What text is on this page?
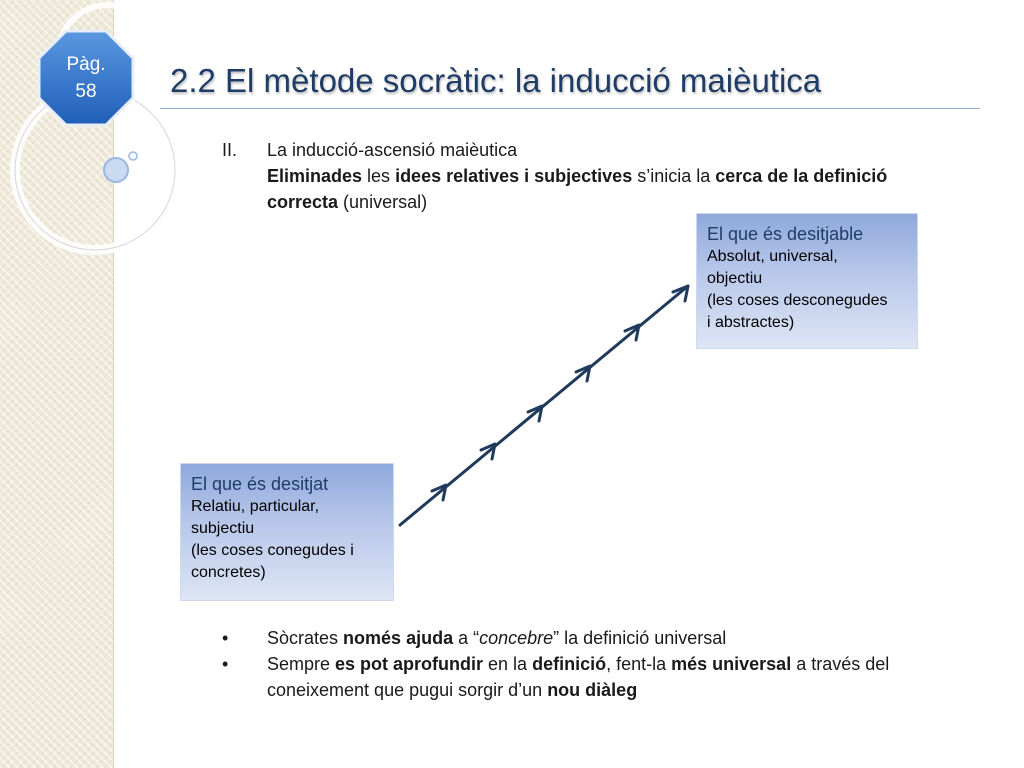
Pàg.
58	2.2 El mètode socràtic: la inducció maièutica
II. La inducció-ascensió maièutica
Eliminades les idees relatives i subjectives s’inicia la cerca de la definició correcta (universal)
El que és desitjable
Absolut, universal,
objectiu
(les coses desconegudes
i abstractes)
El que és desitjat
Relatiu, particular,
subjectiu
(les coses conegudes i
concretes)
• Sòcrates només ajuda a “concebre” la definició universal
• Sempre es pot aprofundir en la definició, fent-la més universal a través del coneixement que pugui sorgir d’un nou diàleg
